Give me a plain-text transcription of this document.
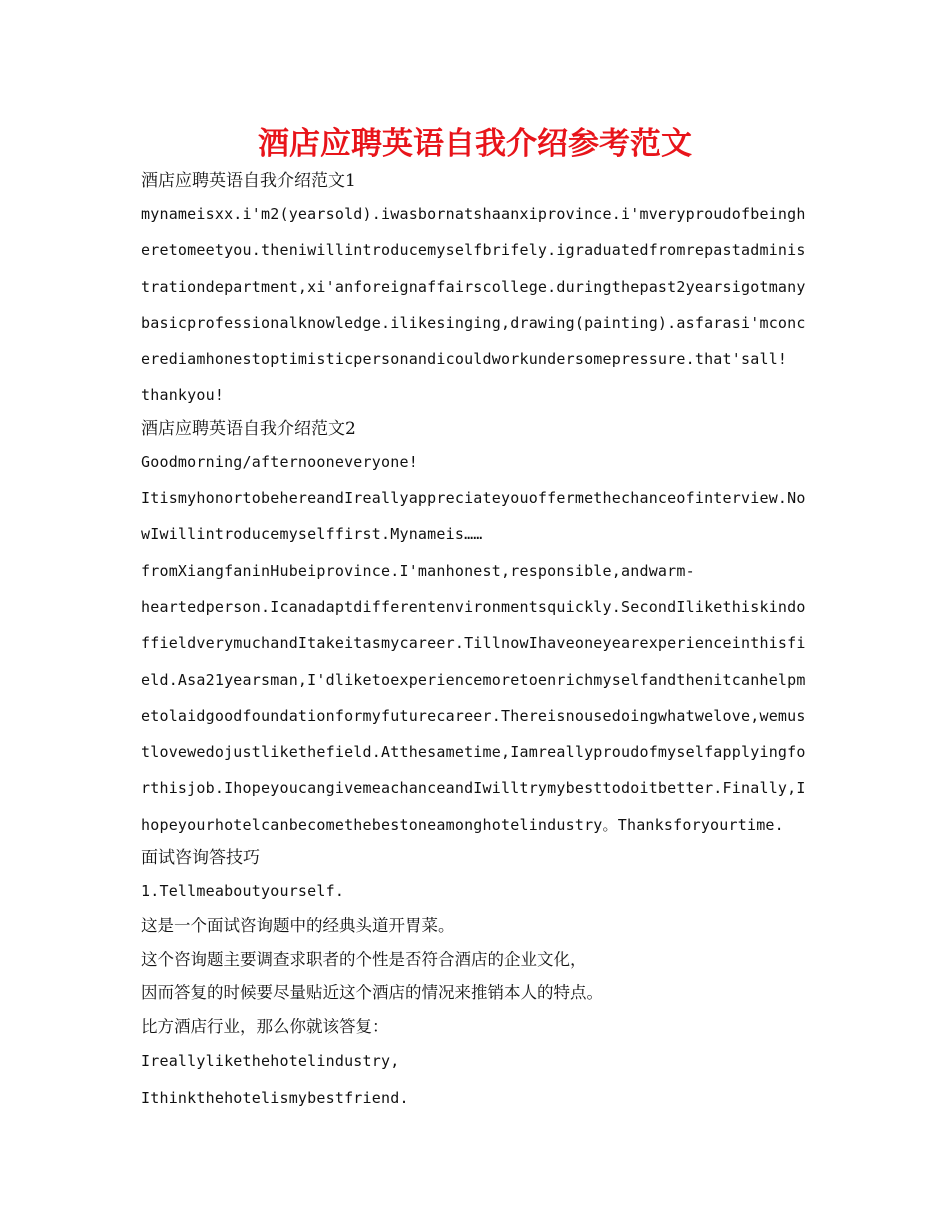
酒店应聘英语自我介绍参考范文

酒店应聘英语自我介绍范文1

mynameisxx.i'm2(yearsold).iwasbornatshaanxiprovince.i'mveryproudofbeingheretomeetyou.theniwillintroducemyselfbrifely.igraduatedfromrepastadministrationdepartment,xi'anforeignaffairscollege.duringthepast2yearsigotmanybasicprofessionalknowledge.ilikesinging,drawing(painting).asfarasi'mconcerediamhonestoptimisticpersonandicouldworkundersomepressure.that'sall!

thankyou!

酒店应聘英语自我介绍范文2

Goodmorning/afternooneveryone!

ItismyhonortobehereandIreallyappreciateyouoffermethechanceofinterview.NowIwillintroducemyselffirst.Mynameis……

fromXiangfaninHubeiprovince.I'manhonest,responsible,andwarm-

heartedperson.Icanadaptdifferentenvironmentsquickly.SecondIlikethiskindoffieldverymuchandItakeitasmycareer.TillnowIhaveoneyearexperienceinthisfield.Asa21yearsman,I'dliketoexperiencemoretoenrichmyselfandthenitcanhelpmetolaidgoodfoundationformyfuturecareer.Thereisnousedoingwhatwelove,wemustlovewedojustlikethefield.Atthesametime,Iamreallyproudofmyselfapplyingforthisjob.IhopeyoucangivemeachanceandIwilltrymybesttodoitbetter.Finally,Ihopeyourhotelcanbecomethebestoneamonghotelindustry。Thanksforyourtime.

面试咨询答技巧

1.Tellmeaboutyourself.

这是一个面试咨询题中的经典头道开胃菜。

这个咨询题主要调查求职者的个性是否符合酒店的企业文化，

因而答复的时候要尽量贴近这个酒店的情况来推销本人的特点。

比方酒店行业，那么你就该答复：

Ireallylikethehotelindustry,

Ithinkthehotelismybestfriend.
